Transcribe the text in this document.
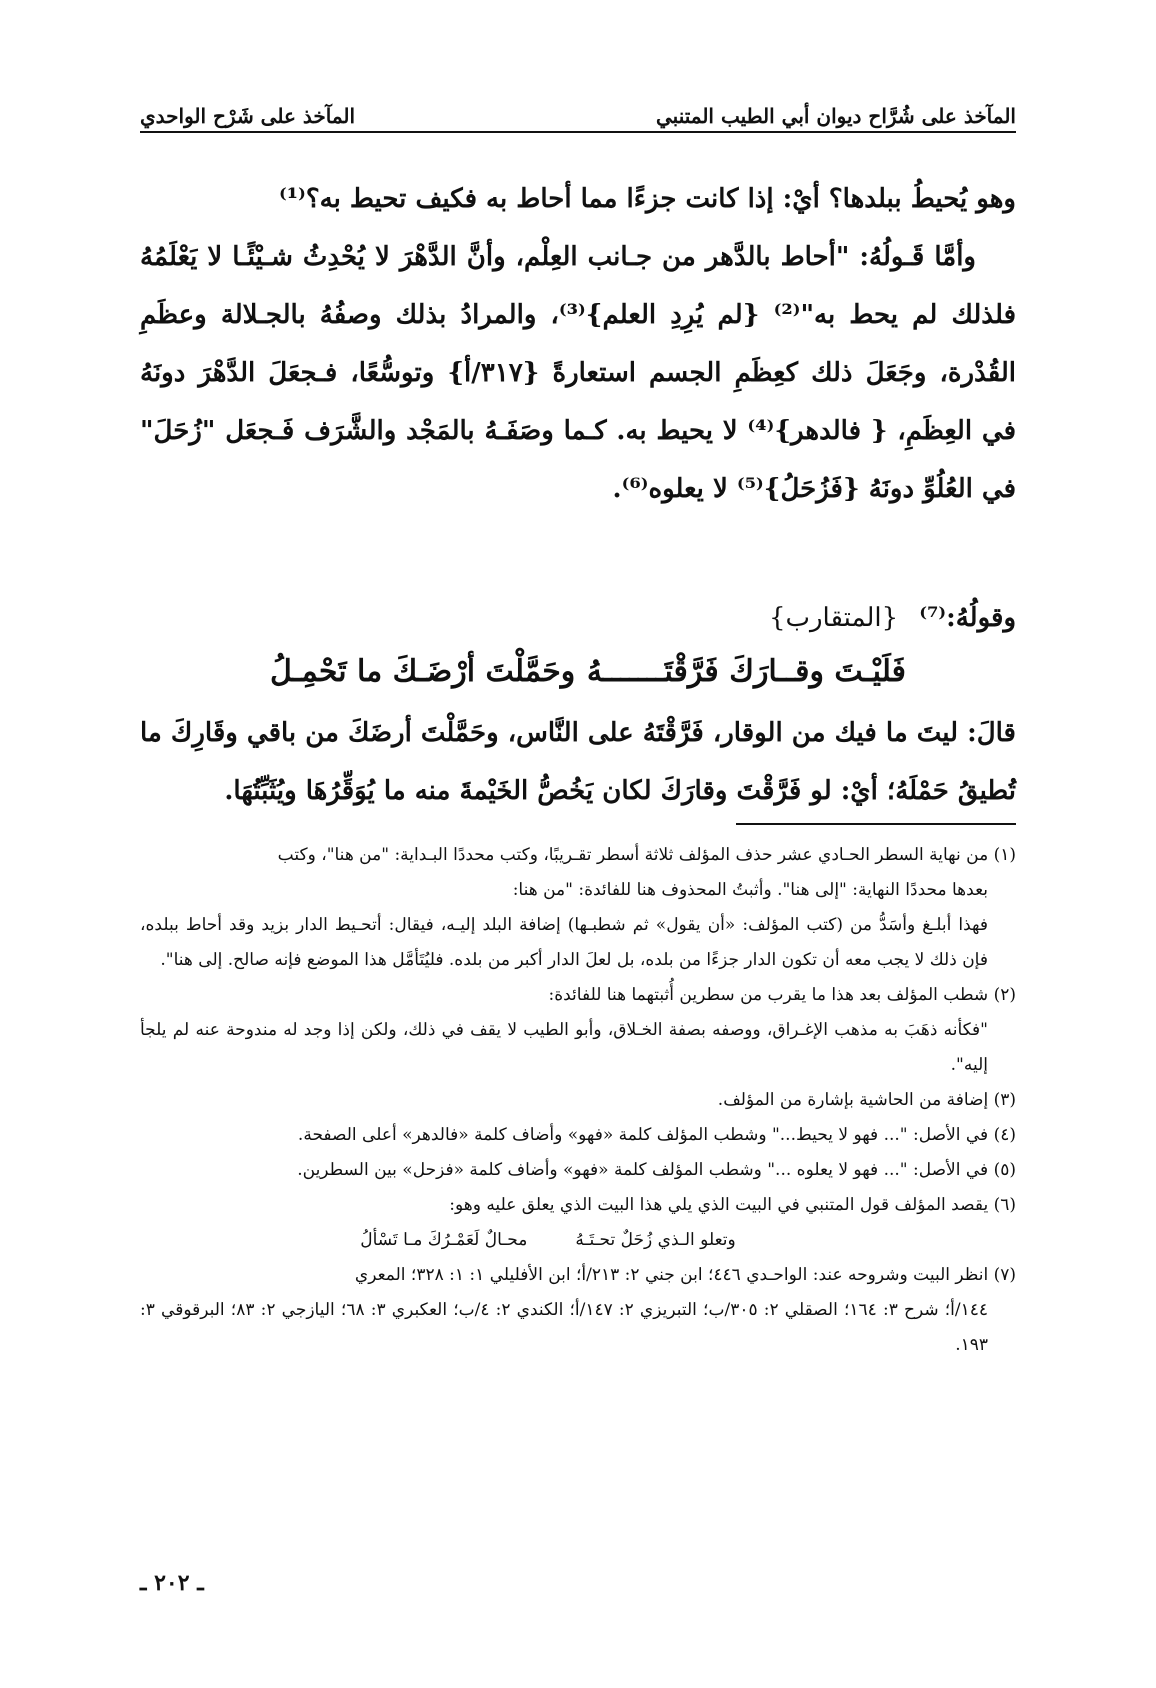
المآخذ على شُرَّاح ديوان أبي الطيب المتنبي
المآخذ على شَرْح الواحدي

وهو يُحيطُ ببلدها؟ أيْ: إذا كانت جزءًا مما أحاط به فكيف تحيط به؟⁽¹⁾

وأمَّا قَـولُهُ: "أحاط بالدَّهر من جـانب العِلْم، وأنَّ الدَّهْرَ لا يُحْدِثُ شـيْئًـا لا يَعْلَمُهُ فلذلك لم يحط به"⁽²⁾ {لم يُرِدِ العلم}⁽³⁾، والمرادُ بذلك وصفُهُ بالجـلالة وعظَمِ القُدْرة، وجَعَلَ ذلك كعِظَمِ الجسم استعارةً {٣١٧/أ} وتوسُّعًا، فـجعَلَ الدَّهْرَ دونَهُ في العِظَمِ، { فالدهر}⁽⁴⁾ لا يحيط به. كـما وصَفَـهُ بالمَجْد والشَّرَف فَـجعَل "زُحَلَ" في العُلُوِّ دونَهُ {فَزُحَلُ}⁽⁵⁾ لا يعلوه⁽⁶⁾.

وقولُهُ:⁽⁷⁾ {المتقارب}
فَلَيْـتَ وقــارَكَ فَرَّقْتَـــــــهُ
وحَمَّلْتَ أرْضَـكَ ما تَحْمِـلُ

قالَ: ليتَ ما فيك من الوقار، فَرَّقْتَهُ على النَّاس، وحَمَّلْتَ أرضَكَ من باقي وقَارِكَ ما تُطيقُ حَمْلَهُ؛ أيْ: لو فَرَّقْتَ وقارَكَ لكان يَخُصُّ الخَيْمةَ منه ما يُوَقِّرُهَا ويُثَبِّتُهَا.

(١) من نهاية السطر الحـادي عشر حذف المؤلف ثلاثة أسطر تقـريبًا، وكتب محددًا البـداية: "من هنا"، وكتب

بعدها محددًا النهاية: "إلى هنا". وأثبتُ المحذوف هنا للفائدة: "من هنا:

فهذا أبلـغ وأسَدُّ من (كتب المؤلف: «أن يقول» ثم شطبـها) إضافة البلد إليـه، فيقال: أتحـيط الدار بزيد وقد أحاط ببلده، فإن ذلك لا يجب معه أن تكون الدار جزءًا من بلده، بل لعلَ الدار أكبر من بلده. فليُتَأمَّل هذا الموضع فإنه صالح. إلى هنا".

(٢) شطب المؤلف بعد هذا ما يقرب من سطرين أُثبتهما هنا للفائدة:

"فكأنه ذهَبَ به مذهب الإغـراق، ووصفه بصفة الخـلاق، وأبو الطيب لا يقف في ذلك، ولكن إذا وجد له مندوحة عنه لم يلجأ إليه".

(٣) إضافة من الحاشية بإشارة من المؤلف.

(٤) في الأصل: "... فهو لا يحيط..." وشطب المؤلف كلمة «فهو» وأضاف كلمة «فالدهر» أعلى الصفحة.

(٥) في الأصل: "... فهو لا يعلوه ..." وشطب المؤلف كلمة «فهو» وأضاف كلمة «فزحل» بين السطرين.

(٦) يقصد المؤلف قول المتنبي في البيت الذي يلي هذا البيت الذي يعلق عليه وهو:

وتعلو الـذي زُحَلٌ تحـتَـهُ
محـالٌ لَعَمْـرُكَ مـا تَسْألُ

(٧) انظر البيت وشروحه عند: الواحـدي ٤٤٦؛ ابن جني ٢: ٢١٣/أ؛ ابن الأفليلي ١: ١: ٣٢٨؛ المعري

١٤٤/أ؛ شرح ٣: ١٦٤؛ الصقلي ٢: ٣٠٥/ب؛ التبريزي ٢: ١٤٧/أ؛ الكندي ٢: ٤/ب؛ العكبري ٣: ٦٨؛ اليازجي ٢: ٨٣؛ البرقوقي ٣: ١٩٣.

ـ ٢٠٢ ـ
